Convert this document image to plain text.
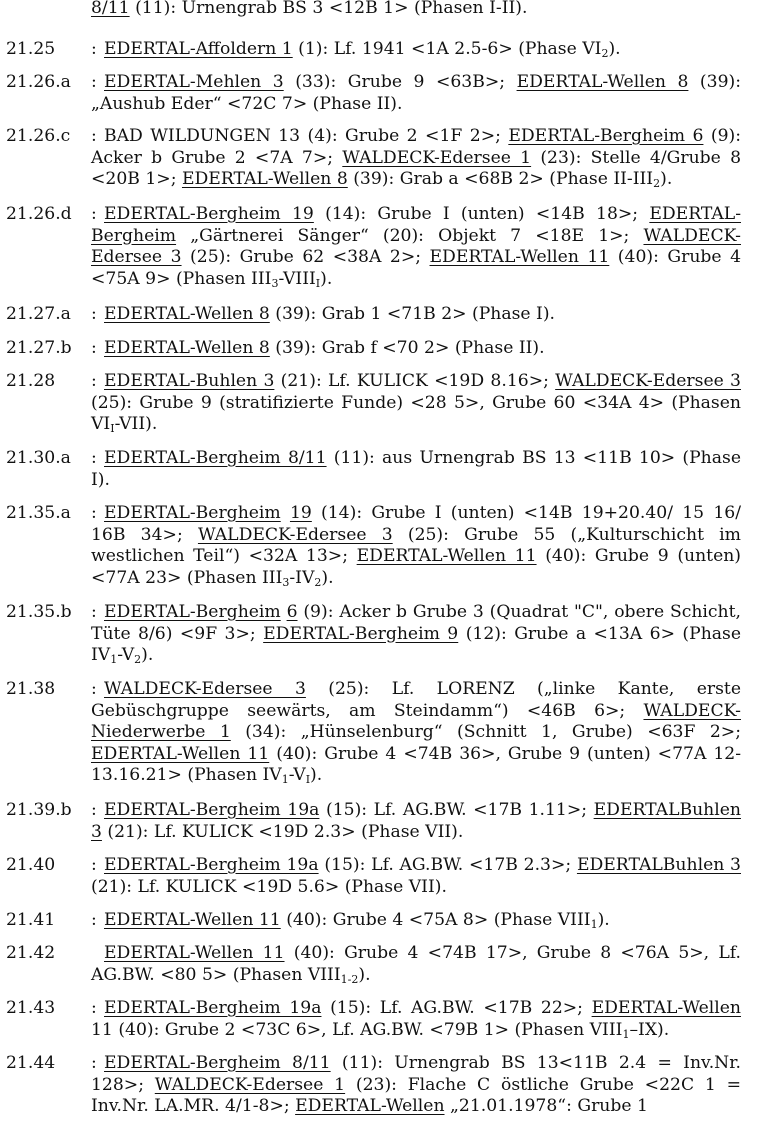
8/11 (11): Urnengrab BS 3 <12B 1> (Phasen I-II).
21.25	: EDERTAL-Affoldern 1 (1): Lf. 1941 <1A 2.5-6> (Phase $VI_2$).
21.26.a	: EDERTAL-Mehlen 3 (33): Grube 9 <63B>; EDERTAL-Wellen 8 (39): „Aushub Eder“ <72C 7> (Phase II).
21.26.c	: BAD WILDUNGEN 13 (4): Grube 2 <1F 2>; EDERTAL-Bergheim 6 (9): Acker b Grube 2 <7A 7>; WALDECK-Edersee 1 (23): Stelle 4/Grube 8 <20B 1>; EDERTAL-Wellen 8 (39): Grab a <68B 2> (Phase $II-III_2$).
21.26.d	: EDERTAL-Bergheim 19 (14): Grube I (unten) <14B 18>; EDERTAL-Bergheim „Gärtnerei Sänger“ (20): Objekt 7 <18E 1>; WALDECK-Edersee 3 (25): Grube 62 <38A 2>; EDERTAL-Wellen 11 (40): Grube 4 <75A 9> (Phasen $III_3-VIII_I$).
21.27.a	: EDERTAL-Wellen 8 (39): Grab 1 <71B 2> (Phase I).
21.27.b	: EDERTAL-Wellen 8 (39): Grab f <70 2> (Phase II).
21.28	: EDERTAL-Buhlen 3 (21): Lf. KULICK <19D 8.16>; WALDECK-Edersee 3 (25): Grube 9 (stratifizierte Funde) <28 5>, Grube 60 <34A 4> (Phasen $VI_I-VII$).
21.30.a	: EDERTAL-Bergheim 8/11 (11): aus Urnengrab BS 13 <11B 10> (Phase I).
21.35.a	: EDERTAL-Bergheim 19 (14): Grube I (unten) <14B 19+20.40/ 15 16/ 16B 34>; WALDECK-Edersee 3 (25): Grube 55 („Kulturschicht im westlichen Teil“) <32A 13>; EDERTAL-Wellen 11 (40): Grube 9 (unten) <77A 23> (Phasen $III_3-IV_2$).
21.35.b	: EDERTAL-Bergheim 6 (9): Acker b Grube 3 (Quadrat "C", obere Schicht, Tüte 8/6) <9F 3>; EDERTAL-Bergheim 9 (12): Grube a <13A 6> (Phase $IV_1-V_2$).
21.38	: WALDECK-Edersee 3 (25): Lf. LORENZ („linke Kante, erste Gebüschgruppe seewärts, am Steindamm“) <46B 6>; WALDECK-Niederwerbe 1 (34): „Hünselenburg“ (Schnitt 1, Grube) <63F 2>; EDERTAL-Wellen 11 (40): Grube 4 <74B 36>, Grube 9 (unten) <77A 12-13.16.21> (Phasen $IV_1-V_I$).
21.39.b	: EDERTAL-Bergheim 19a (15): Lf. AG.BW. <17B 1.11>; EDERTALBuhlen 3 (21): Lf. KULICK <19D 2.3> (Phase VII).
21.40	: EDERTAL-Bergheim 19a (15): Lf. AG.BW. <17B 2.3>; EDERTALBuhlen 3 (21): Lf. KULICK <19D 5.6> (Phase VII).
21.41	: EDERTAL-Wellen 11 (40): Grube 4 <75A 8> (Phase $VIII_1$).
21.42	EDERTAL-Wellen 11 (40): Grube 4 <74B 17>, Grube 8 <76A 5>, Lf. AG.BW. <80 5> (Phasen $VIII_{1-2}$).
21.43	: EDERTAL-Bergheim 19a (15): Lf. AG.BW. <17B 22>; EDERTAL-Wellen 11 (40): Grube 2 <73C 6>, Lf. AG.BW. <79B 1> (Phasen $VIII_1-IX$).
21.44	: EDERTAL-Bergheim 8/11 (11): Urnengrab BS 13<11B 2.4 = Inv.Nr. 128>; WALDECK-Edersee 1 (23): Flache C östliche Grube <22C 1 = Inv.Nr. LA.MR. 4/1-8>; EDERTAL-Wellen „21.01.1978“: Grube 1
